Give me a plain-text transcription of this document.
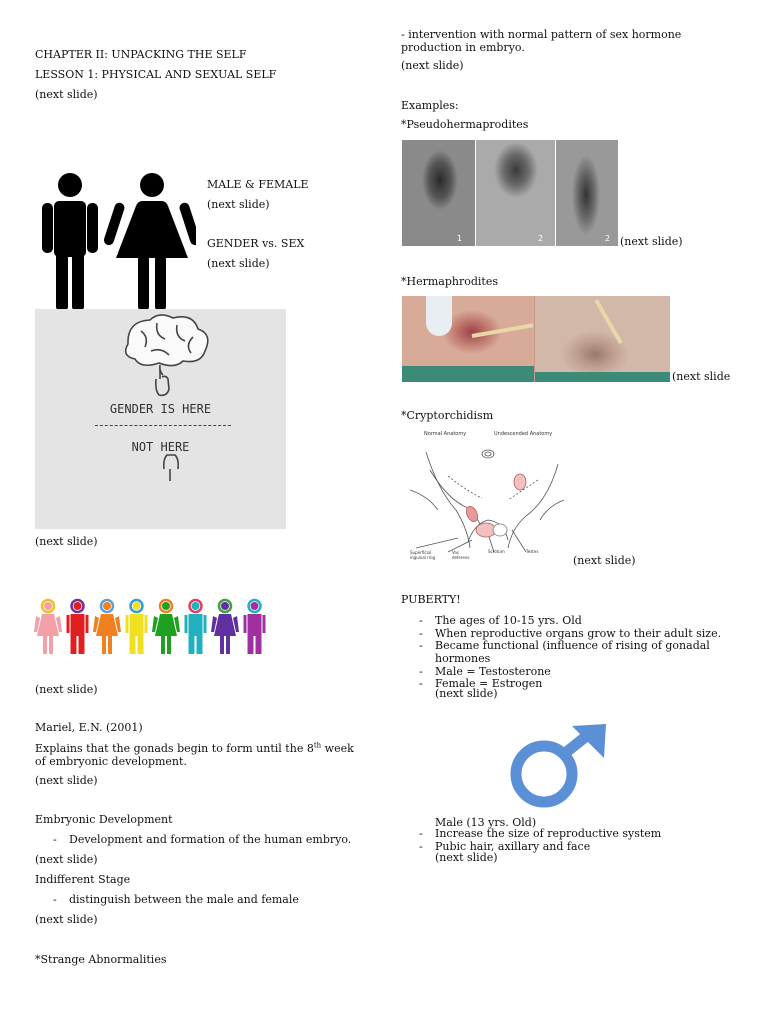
CHAPTER II: UNPACKING THE SELF
LESSON 1: PHYSICAL AND SEXUAL SELF
(next slide)
MALE & FEMALE
(next slide)
GENDER vs. SEX
(next slide)
GENDER IS HERE
NOT HERE
(next slide)
(next slide)
Mariel, E.N. (2001)
Explains that the gonads begin to form until the 8th week of embryonic development.
(next slide)
Embryonic Development
- Development and formation of the human embryo.
(next slide)
Indifferent Stage
- distinguish between the male and female
(next slide)
*Strange Abnormalities
- intervention with normal pattern of sex hormone production in embryo.
(next slide)
Examples:
*Pseudohermaprodites
1	2	2 (next slide)
*Hermaphrodites
(next slide
*Cryptorchidism
Normal Anatomy	Undescended Anatomy
Superficial inguinal ring
Vas deferens
Scrotum	Testes
(next slide)
PUBERTY!
- The ages of 10-15 yrs. Old
- When reproductive organs grow to their adult size.
- Became functional (influence of rising of gonadal hormones
- Male = Testosterone
- Female = Estrogen
(next slide)
Male (13 yrs. Old)
- Increase the size of reproductive system
- Pubic hair, axillary and face
(next slide)
